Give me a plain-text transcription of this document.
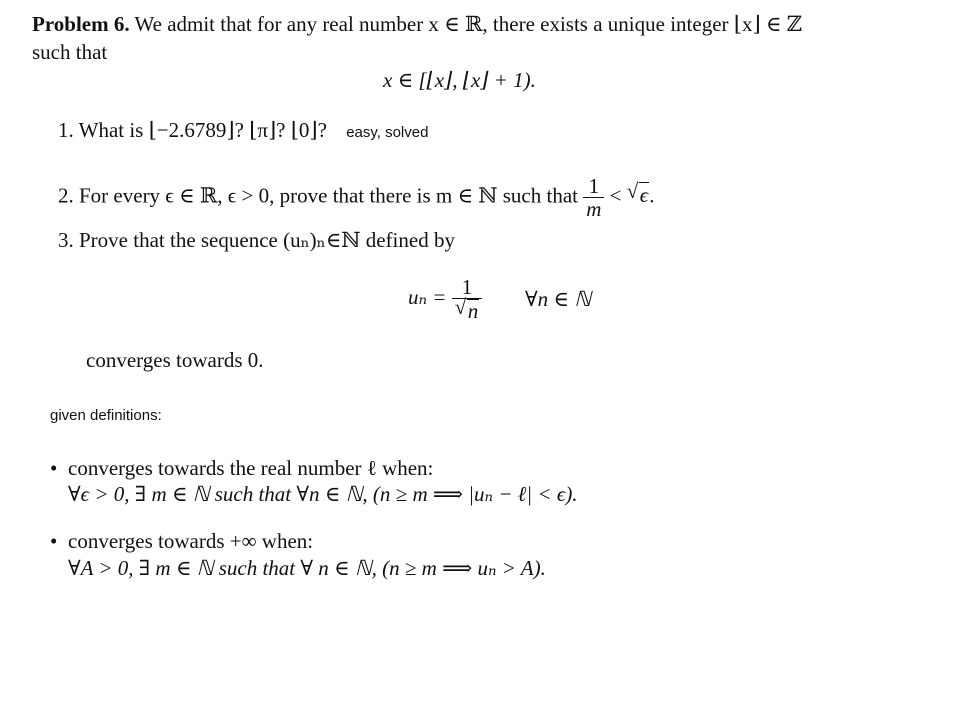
Problem 6. We admit that for any real number x ∈ ℝ, there exists a unique integer ⌊x⌋ ∈ ℤ
such that
x ∈ [⌊x⌋, ⌊x⌋ + 1).
1. What is ⌊−2.6789⌋? ⌊π⌋? ⌊0⌋? easy, solved
2. For every ϵ ∈ ℝ, ϵ > 0, prove that there is m ∈ ℕ such that $\frac{1}{m}$ < √ ϵ.
3. Prove that the sequence (uₙ)ₙ∈ℕ defined by
$u_n = \frac{1}{√ n}$ ∀n ∈ ℕ
converges towards 0.
given definitions:
• converges towards the real number ℓ when:
∀ϵ > 0, ∃ m ∈ ℕ such that ∀n ∈ ℕ, (n ≥ m ⟹ |uₙ − ℓ| < ϵ).
• converges towards +∞ when:
∀A > 0, ∃ m ∈ ℕ such that ∀ n ∈ ℕ, (n ≥ m ⟹ uₙ > A).
